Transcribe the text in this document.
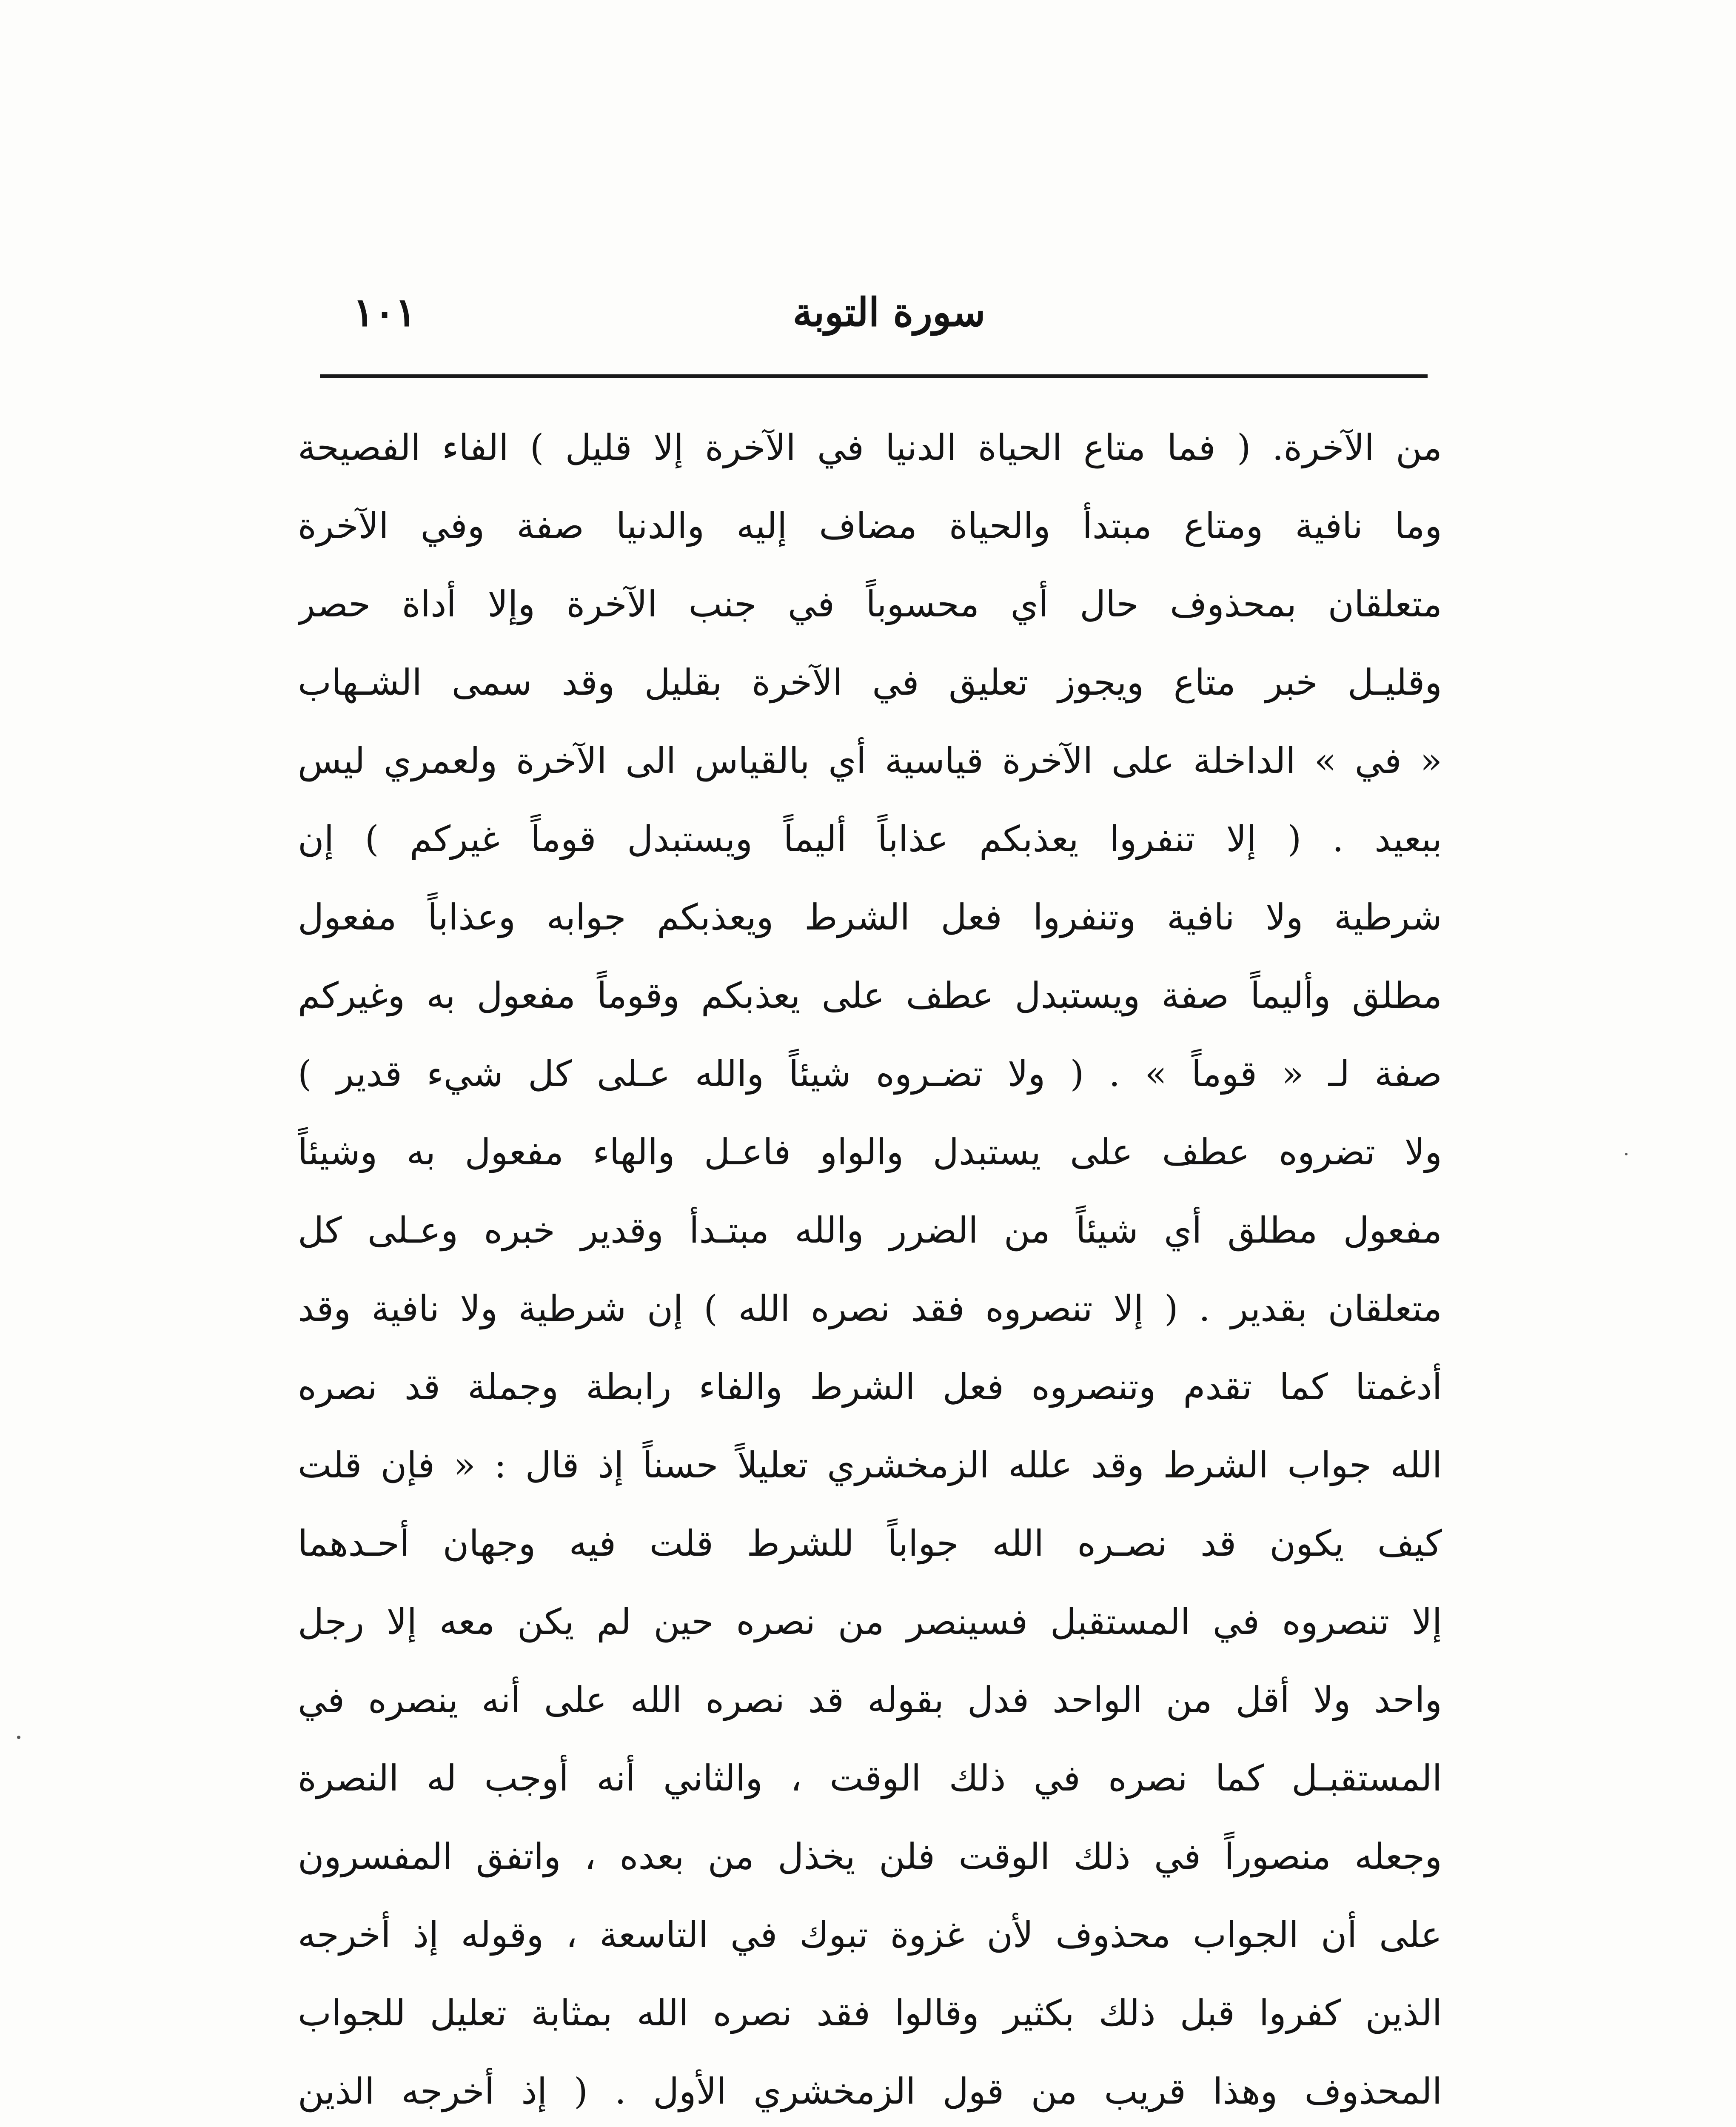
١٠١	سورة التوبة
من الآخرة. ( فما متاع الحياة الدنيا في الآخرة إلا قليل ) الفاء الفصيحة
وما نافية ومتاع مبتدأ والحياة مضاف إليه والدنيا صفة وفي الآخرة
متعلقان بمحذوف حال أي محسوباً في جنب الآخرة وإلا أداة حصر
وقليـل خبر متاع ويجوز تعليق في الآخرة بقليل وقد سمى الشـهاب
« في » الداخلة على الآخرة قياسية أي بالقياس الى الآخرة ولعمري ليس
ببعيد . ( إلا تنفروا يعذبكم عذاباً أليماً ويستبدل قوماً غيركم ) إن
شرطية ولا نافية وتنفروا فعل الشرط ويعذبكم جوابه وعذاباً مفعول
مطلق وأليماً صفة ويستبدل عطف على يعذبكم وقوماً مفعول به وغيركم
صفة لـ « قوماً » . ( ولا تضـروه شيئاً والله عـلى كل شيء قدير )
ولا تضروه عطف على يستبدل والواو فاعـل والهاء مفعول به وشيئاً
مفعول مطلق أي شيئاً من الضرر والله مبتـدأ وقدير خبره وعـلى كل
متعلقان بقدير . ( إلا تنصروه فقد نصره الله ) إن شرطية ولا نافية وقد
أدغمتا كما تقدم وتنصروه فعل الشرط والفاء رابطة وجملة قد نصره
الله جواب الشرط وقد علله الزمخشري تعليلاً حسناً إذ قال : « فإن قلت
كيف يكون قد نصـره الله جواباً للشرط قلت فيه وجهان أحـدهما
إلا تنصروه في المستقبل فسينصر من نصره حين لم يكن معه إلا رجل
واحد ولا أقل من الواحد فدل بقوله قد نصره الله على أنه ينصره في
المستقبـل كما نصره في ذلك الوقت ، والثاني أنه أوجب له النصرة
وجعله منصوراً في ذلك الوقت فلن يخذل من بعده ، واتفق المفسرون
على أن الجواب محذوف لأن غزوة تبوك في التاسعة ، وقوله إذ أخرجه
الذين كفروا قبل ذلك بكثير وقالوا فقد نصره الله بمثابة تعليل للجواب
المحذوف وهذا قريب من قول الزمخشري الأول . ( إذ أخرجه الذين
